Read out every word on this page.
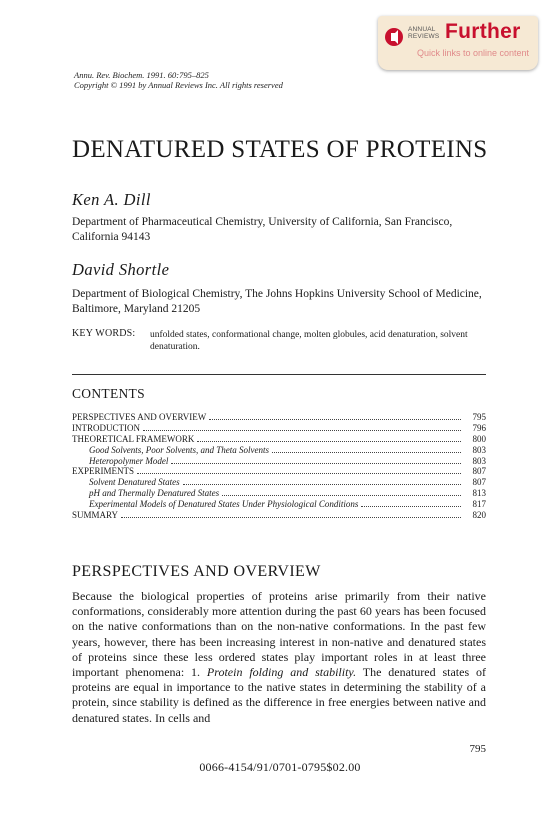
ANNUAL REVIEWS Further
Quick links to online content
Annu. Rev. Biochem. 1991. 60:795–825
Copyright © 1991 by Annual Reviews Inc. All rights reserved
DENATURED STATES OF PROTEINS
Ken A. Dill
Department of Pharmaceutical Chemistry, University of California, San Francisco, California 94143
David Shortle
Department of Biological Chemistry, The Johns Hopkins University School of Medicine, Baltimore, Maryland 21205
KEY WORDS: unfolded states, conformational change, molten globules, acid denaturation, solvent denaturation.
CONTENTS
PERSPECTIVES AND OVERVIEW	795
INTRODUCTION	796
THEORETICAL FRAMEWORK	800
Good Solvents, Poor Solvents, and Theta Solvents	803
Heteropolymer Model	803
EXPERIMENTS	807
Solvent Denatured States	807
pH and Thermally Denatured States	813
Experimental Models of Denatured States Under Physiological Conditions	817
SUMMARY	820
PERSPECTIVES AND OVERVIEW
Because the biological properties of proteins arise primarily from their native conformations, considerably more attention during the past 60 years has been focused on the native conformations than on the non-native conformations. In the past few years, however, there has been increasing interest in non-native and denatured states of proteins since these less ordered states play important roles in at least three important phenomena: 1. Protein folding and stability. The denatured states of proteins are equal in importance to the native states in determining the stability of a protein, since stability is defined as the difference in free energies between native and denatured states. In cells and
795
0066-4154/91/0701-0795$02.00
